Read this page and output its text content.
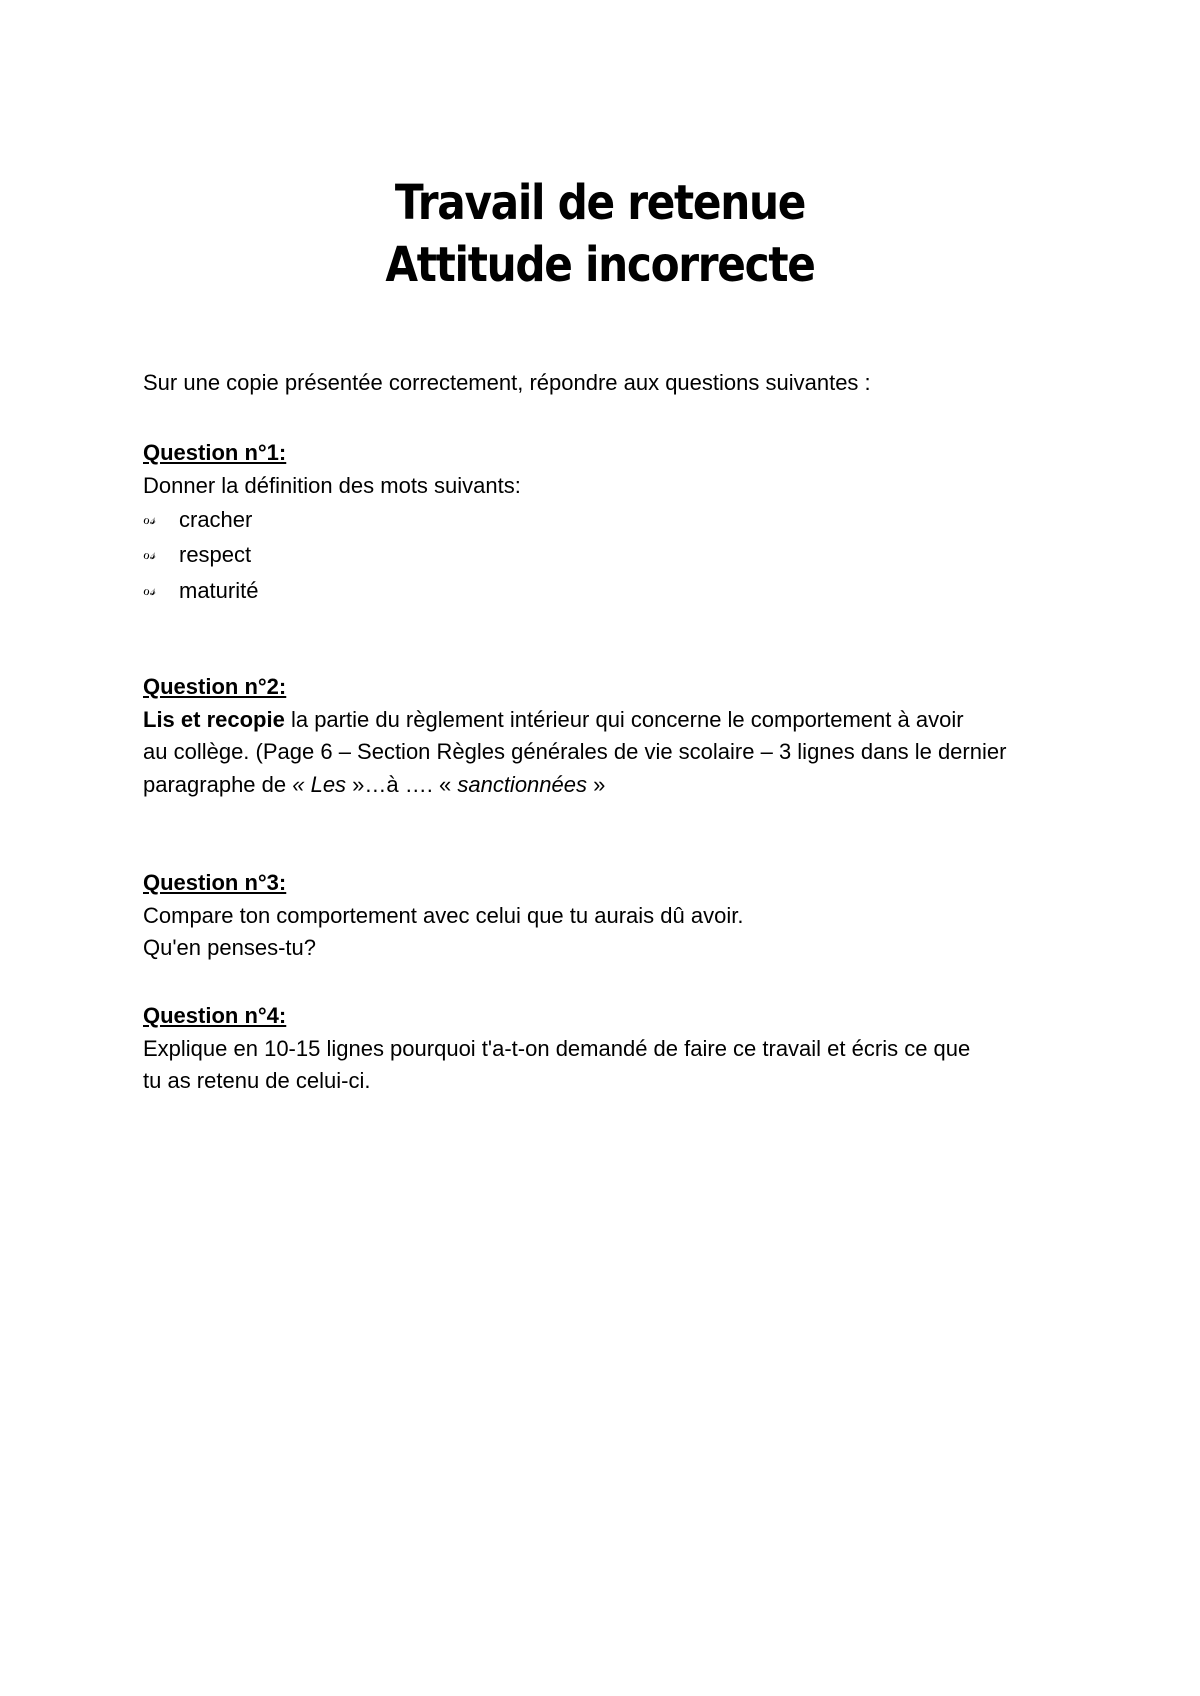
Travail de retenue
Attitude incorrecte
Sur une copie présentée correctement, répondre aux questions suivantes :
Question n°1:
Donner la définition des mots suivants:
ℴ𝓈	cracher
ℴ𝓈	respect
ℴ𝓈	maturité
Question n°2:
Lis et recopie la partie du règlement intérieur qui concerne le comportement à avoir
au collège. (Page 6 – Section Règles générales de vie scolaire – 3 lignes dans le dernier
paragraphe de « Les »…à …. « sanctionnées »
Question n°3:
Compare ton comportement avec celui que tu aurais dû avoir.
Qu'en penses-tu?
Question n°4:
Explique en 10-15 lignes pourquoi t'a-t-on demandé de faire ce travail et écris ce que
tu as retenu de celui-ci.
